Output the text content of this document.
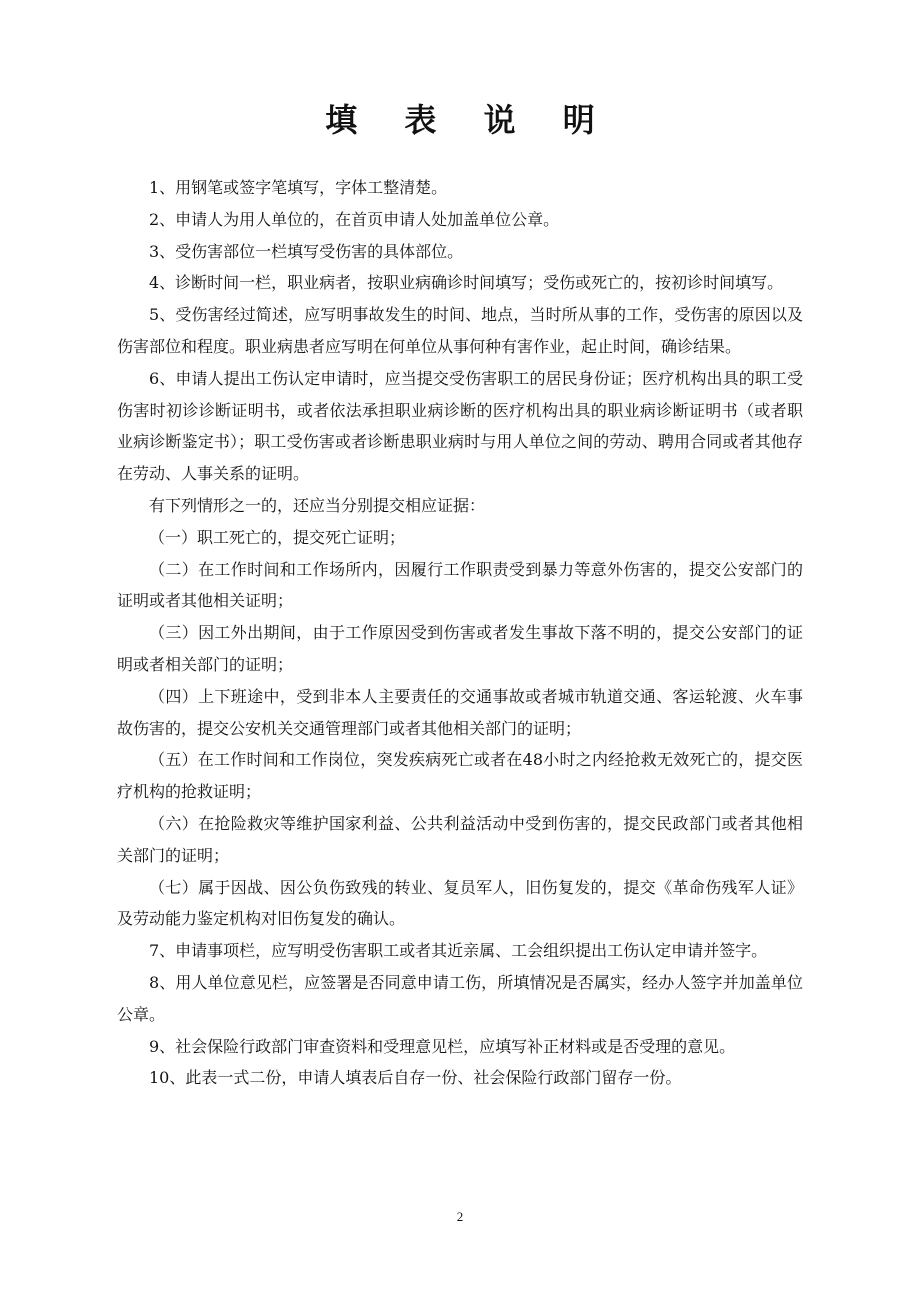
填 表 说 明

1、用钢笔或签字笔填写，字体工整清楚。

2、申请人为用人单位的，在首页申请人处加盖单位公章。

3、受伤害部位一栏填写受伤害的具体部位。

4、诊断时间一栏，职业病者，按职业病确诊时间填写；受伤或死亡的，按初诊时间填写。

5、受伤害经过简述，应写明事故发生的时间、地点，当时所从事的工作，受伤害的原因以及伤害部位和程度。职业病患者应写明在何单位从事何种有害作业，起止时间，确诊结果。

6、申请人提出工伤认定申请时，应当提交受伤害职工的居民身份证；医疗机构出具的职工受伤害时初诊诊断证明书，或者依法承担职业病诊断的医疗机构出具的职业病诊断证明书（或者职业病诊断鉴定书）；职工受伤害或者诊断患职业病时与用人单位之间的劳动、聘用合同或者其他存在劳动、人事关系的证明。

有下列情形之一的，还应当分别提交相应证据：

（一）职工死亡的，提交死亡证明；

（二）在工作时间和工作场所内，因履行工作职责受到暴力等意外伤害的，提交公安部门的证明或者其他相关证明；

（三）因工外出期间，由于工作原因受到伤害或者发生事故下落不明的，提交公安部门的证明或者相关部门的证明；

（四）上下班途中，受到非本人主要责任的交通事故或者城市轨道交通、客运轮渡、火车事故伤害的，提交公安机关交通管理部门或者其他相关部门的证明；

（五）在工作时间和工作岗位，突发疾病死亡或者在48小时之内经抢救无效死亡的，提交医疗机构的抢救证明；

（六）在抢险救灾等维护国家利益、公共利益活动中受到伤害的，提交民政部门或者其他相关部门的证明；

（七）属于因战、因公负伤致残的转业、复员军人，旧伤复发的，提交《革命伤残军人证》及劳动能力鉴定机构对旧伤复发的确认。

7、申请事项栏，应写明受伤害职工或者其近亲属、工会组织提出工伤认定申请并签字。

8、用人单位意见栏，应签署是否同意申请工伤，所填情况是否属实，经办人签字并加盖单位公章。

9、社会保险行政部门审查资料和受理意见栏，应填写补正材料或是否受理的意见。

10、此表一式二份，申请人填表后自存一份、社会保险行政部门留存一份。

2
